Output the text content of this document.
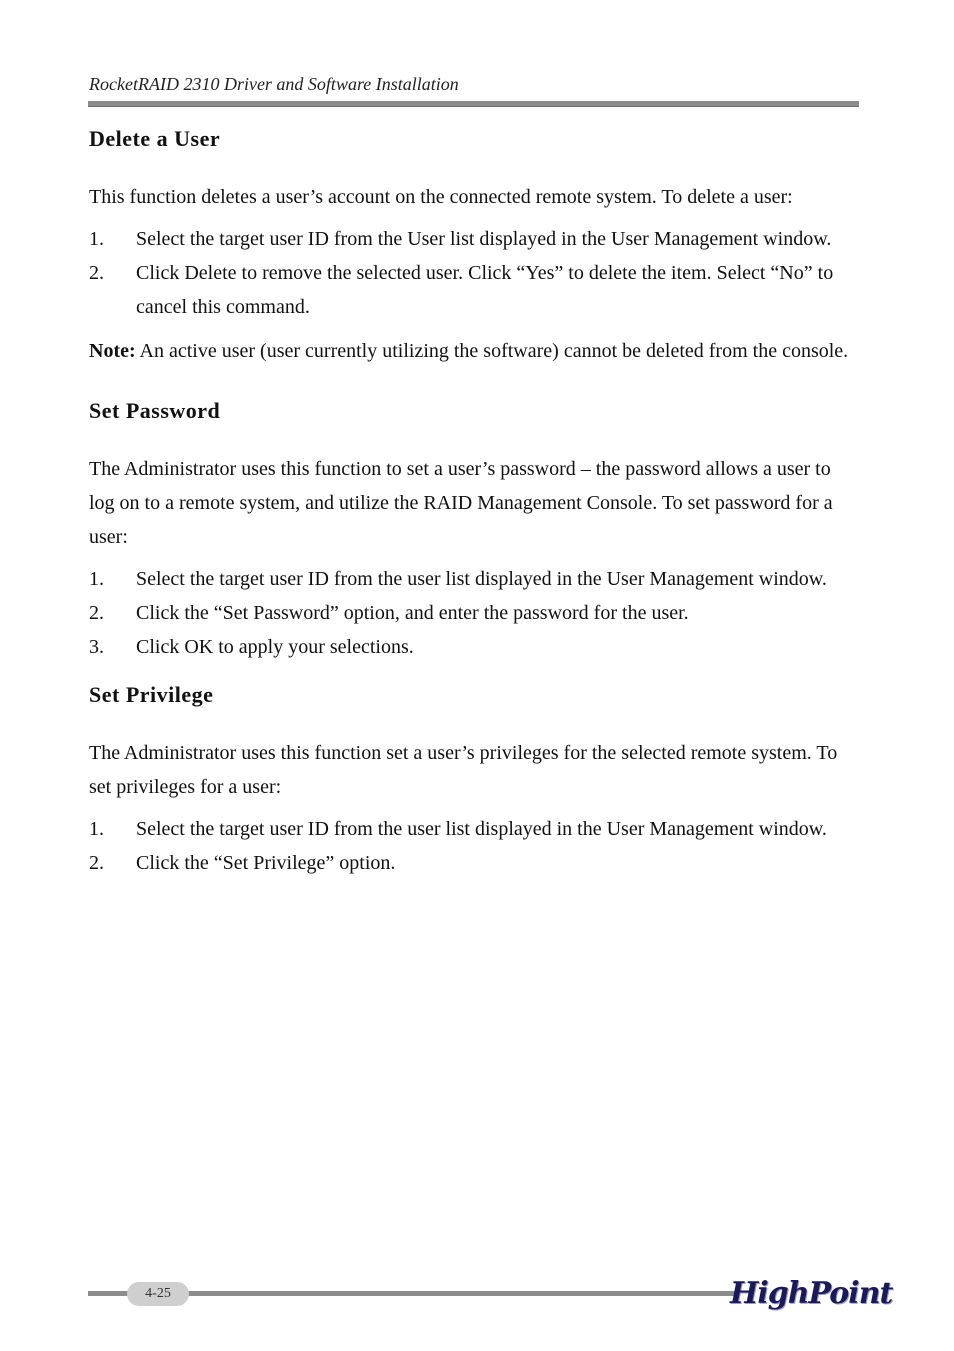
RocketRAID 2310 Driver and Software Installation
Delete a User

This function deletes a user’s account on the connected remote system. To delete a user:

1. Select the target user ID from the User list displayed in the User Management window.
2. Click Delete to remove the selected user. Click “Yes” to delete the item. Select “No” to cancel this command.

Note: An active user (user currently utilizing the software) cannot be deleted from the console.

Set Password

The Administrator uses this function to set a user’s password – the password allows a user to log on to a remote system, and utilize the RAID Management Console. To set password for a user:

1. Select the target user ID from the user list displayed in the User Management window.
2. Click the “Set Password” option, and enter the password for the user.
3. Click OK to apply your selections.
Set Privilege

The Administrator uses this function set a user’s privileges for the selected remote system. To set privileges for a user:

1. Select the target user ID from the user list displayed in the User Management window.
2. Click the “Set Privilege” option.
4-25	HighPoint
